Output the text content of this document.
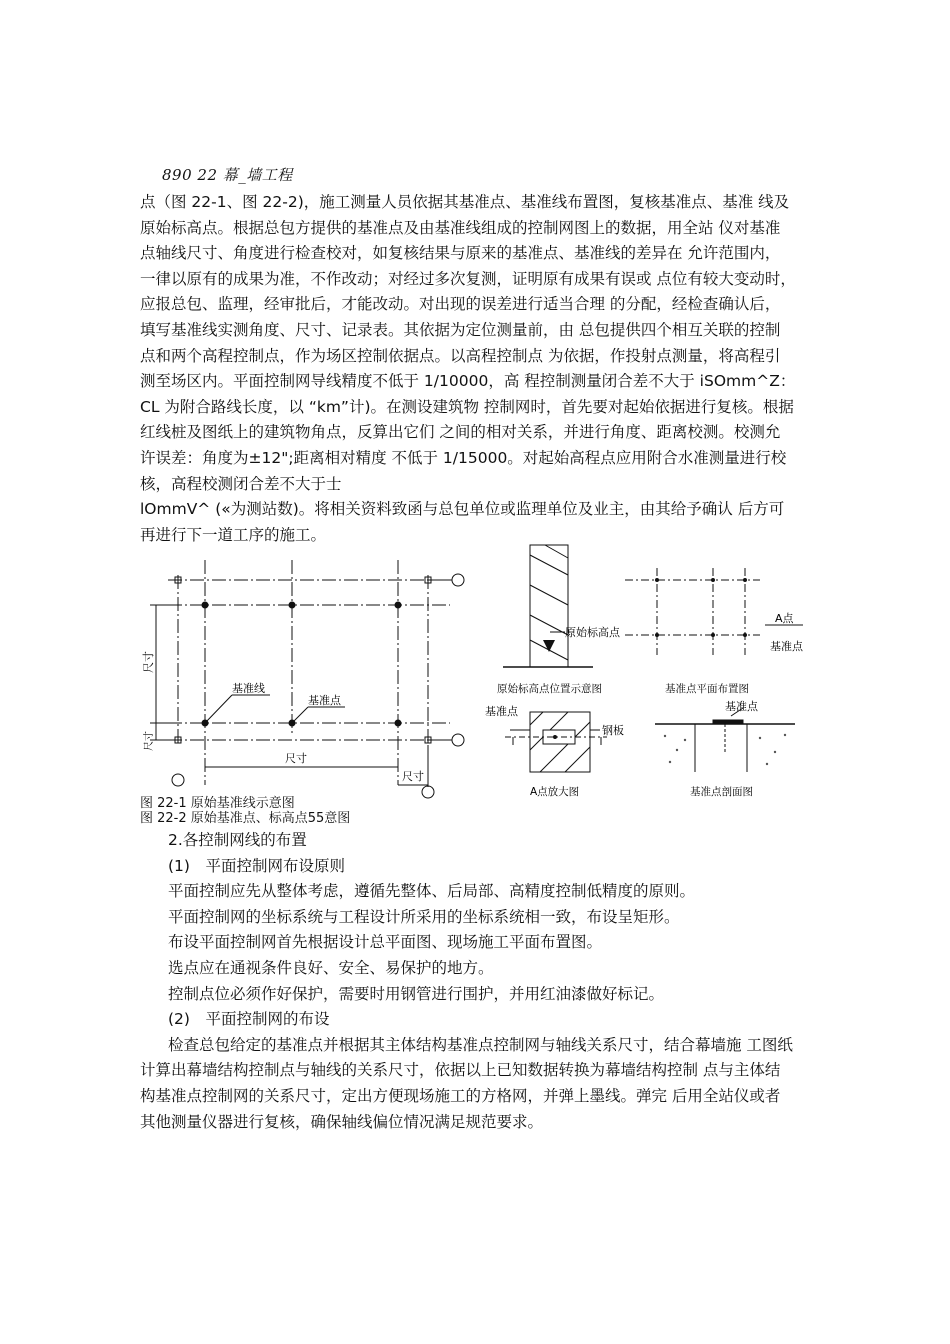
890 22 幕_墙工程
点（图 22-1、图 22-2)，施工测量人员依据其基准点、基准线布置图，复核基准点、基准 线及
原始标高点。根据总包方提供的基准点及由基准线组成的控制网图上的数据，用全站 仪对基准
点轴线尺寸、角度进行检查校对，如复核结果与原来的基准点、基准线的差异在 允许范围内，
一律以原有的成果为准，不作改动；对经过多次复测，证明原有成果有误或 点位有较大变动时，
应报总包、监理，经审批后，才能改动。对出现的误差进行适当合理 的分配，经检查确认后，
填写基准线实测角度、尺寸、记录表。其依据为定位测量前，由 总包提供四个相互关联的控制
点和两个高程控制点，作为场区控制依据点。以高程控制点 为依据，作投射点测量，将高程引
测至场区内。平面控制网导线精度不低于 1/10000，高 程控制测量闭合差不大于 iSOmm^Z：
CL 为附合路线长度，以 “km”计)。在测设建筑物 控制网时，首先要对起始依据进行复核。根据
红线桩及图纸上的建筑物角点，反算出它们 之间的相对关系，并进行角度、距离校测。校测允
许误差：角度为±12";距离相对精度 不低于 1/15000。对起始高程点应用附合水准测量进行校
核，高程校测闭合差不大于士
lOmmV^ («为测站数)。将相关资料致函与总包单位或监理单位及业主，由其给予确认 后方可
再进行下一道工序的施工。
基准线
基准点
尺寸
尺寸
尺寸
尺寸
原始标高点
原始标高点位置示意图
A点
基准点
基准点平面布置图
基准点
钢板
A点放大图
基准点
基准点剖面图
图 22-1 原始基准线示意图
图 22-2 原始基准点、标高点55意图
2.各控制网线的布置
(1)　平面控制网布设原则
平面控制应先从整体考虑，遵循先整体、后局部、高精度控制低精度的原则。
平面控制网的坐标系统与工程设计所采用的坐标系统相一致，布设呈矩形。
布设平面控制网首先根据设计总平面图、现场施工平面布置图。
选点应在通视条件良好、安全、易保护的地方。
控制点位必须作好保护，需要时用钢管进行围护，并用红油漆做好标记。
(2)　平面控制网的布设
检查总包给定的基准点并根据其主体结构基准点控制网与轴线关系尺寸，结合幕墙施 工图纸
计算出幕墙结构控制点与轴线的关系尺寸，依据以上已知数据转换为幕墙结构控制 点与主体结
构基准点控制网的关系尺寸，定出方便现场施工的方格网，并弹上墨线。弹完 后用全站仪或者
其他测量仪器进行复核，确保轴线偏位情况满足规范要求。
